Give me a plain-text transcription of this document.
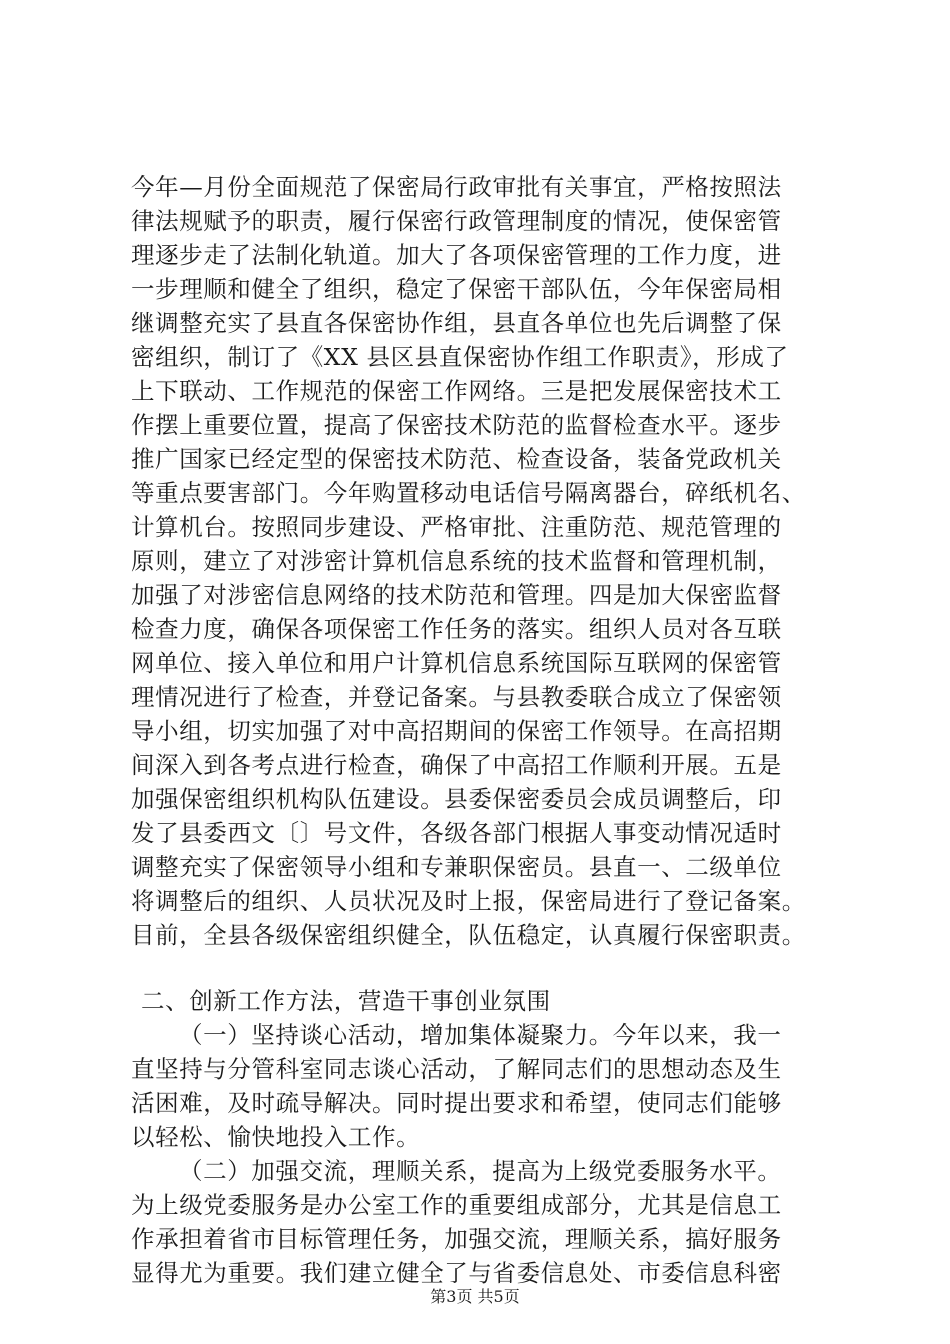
今年—月份全面规范了保密局行政审批有关事宜，严格按照法
律法规赋予的职责，履行保密行政管理制度的情况，使保密管
理逐步走了法制化轨道。加大了各项保密管理的工作力度，进
一步理顺和健全了组织，稳定了保密干部队伍，今年保密局相
继调整充实了县直各保密协作组，县直各单位也先后调整了保
密组织，制订了《XX 县区县直保密协作组工作职责》，形成了
上下联动、工作规范的保密工作网络。三是把发展保密技术工
作摆上重要位置，提高了保密技术防范的监督检查水平。逐步
推广国家已经定型的保密技术防范、检查设备，装备党政机关
等重点要害部门。今年购置移动电话信号隔离器台，碎纸机名、
计算机台。按照同步建设、严格审批、注重防范、规范管理的
原则，建立了对涉密计算机信息系统的技术监督和管理机制，
加强了对涉密信息网络的技术防范和管理。四是加大保密监督
检查力度，确保各项保密工作任务的落实。组织人员对各互联
网单位、接入单位和用户计算机信息系统国际互联网的保密管
理情况进行了检查，并登记备案。与县教委联合成立了保密领
导小组，切实加强了对中高招期间的保密工作领导。在高招期
间深入到各考点进行检查，确保了中高招工作顺利开展。五是
加强保密组织机构队伍建设。县委保密委员会成员调整后，印
发了县委西文〔〕号文件，各级各部门根据人事变动情况适时
调整充实了保密领导小组和专兼职保密员。县直一、二级单位
将调整后的组织、人员状况及时上报，保密局进行了登记备案。
目前，全县各级保密组织健全，队伍稳定，认真履行保密职责。
二、创新工作方法，营造干事创业氛围
（一）坚持谈心活动，增加集体凝聚力。今年以来，我一
直坚持与分管科室同志谈心活动，了解同志们的思想动态及生
活困难，及时疏导解决。同时提出要求和希望，使同志们能够
以轻松、愉快地投入工作。
（二）加强交流，理顺关系，提高为上级党委服务水平。
为上级党委服务是办公室工作的重要组成部分，尤其是信息工
作承担着省市目标管理任务，加强交流，理顺关系，搞好服务
显得尤为重要。我们建立健全了与省委信息处、市委信息科密
第3页 共5页
